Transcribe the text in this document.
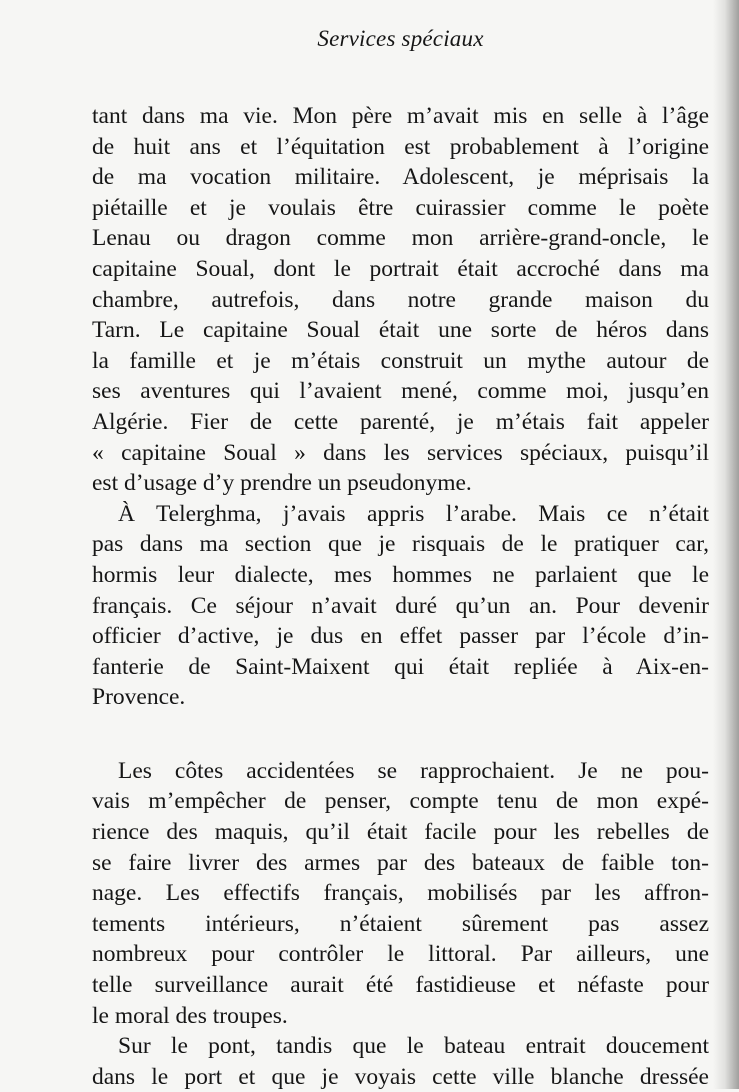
Services spéciaux
tant dans ma vie. Mon père m’avait mis en selle à l’âge
de huit ans et l’équitation est probablement à l’origine
de ma vocation militaire. Adolescent, je méprisais la
piétaille et je voulais être cuirassier comme le poète
Lenau ou dragon comme mon arrière-grand-oncle, le
capitaine Soual, dont le portrait était accroché dans ma
chambre, autrefois, dans notre grande maison du
Tarn. Le capitaine Soual était une sorte de héros dans
la famille et je m’étais construit un mythe autour de
ses aventures qui l’avaient mené, comme moi, jusqu’en
Algérie. Fier de cette parenté, je m’étais fait appeler
« capitaine Soual » dans les services spéciaux, puisqu’il
est d’usage d’y prendre un pseudonyme.
À Telerghma, j’avais appris l’arabe. Mais ce n’était
pas dans ma section que je risquais de le pratiquer car,
hormis leur dialecte, mes hommes ne parlaient que le
français. Ce séjour n’avait duré qu’un an. Pour devenir
officier d’active, je dus en effet passer par l’école d’in-
fanterie de Saint-Maixent qui était repliée à Aix-en-
Provence.
Les côtes accidentées se rapprochaient. Je ne pou-
vais m’empêcher de penser, compte tenu de mon expé-
rience des maquis, qu’il était facile pour les rebelles de
se faire livrer des armes par des bateaux de faible ton-
nage. Les effectifs français, mobilisés par les affron-
tements intérieurs, n’étaient sûrement pas assez
nombreux pour contrôler le littoral. Par ailleurs, une
telle surveillance aurait été fastidieuse et néfaste pour
le moral des troupes.
Sur le pont, tandis que le bateau entrait doucement
dans le port et que je voyais cette ville blanche dressée
